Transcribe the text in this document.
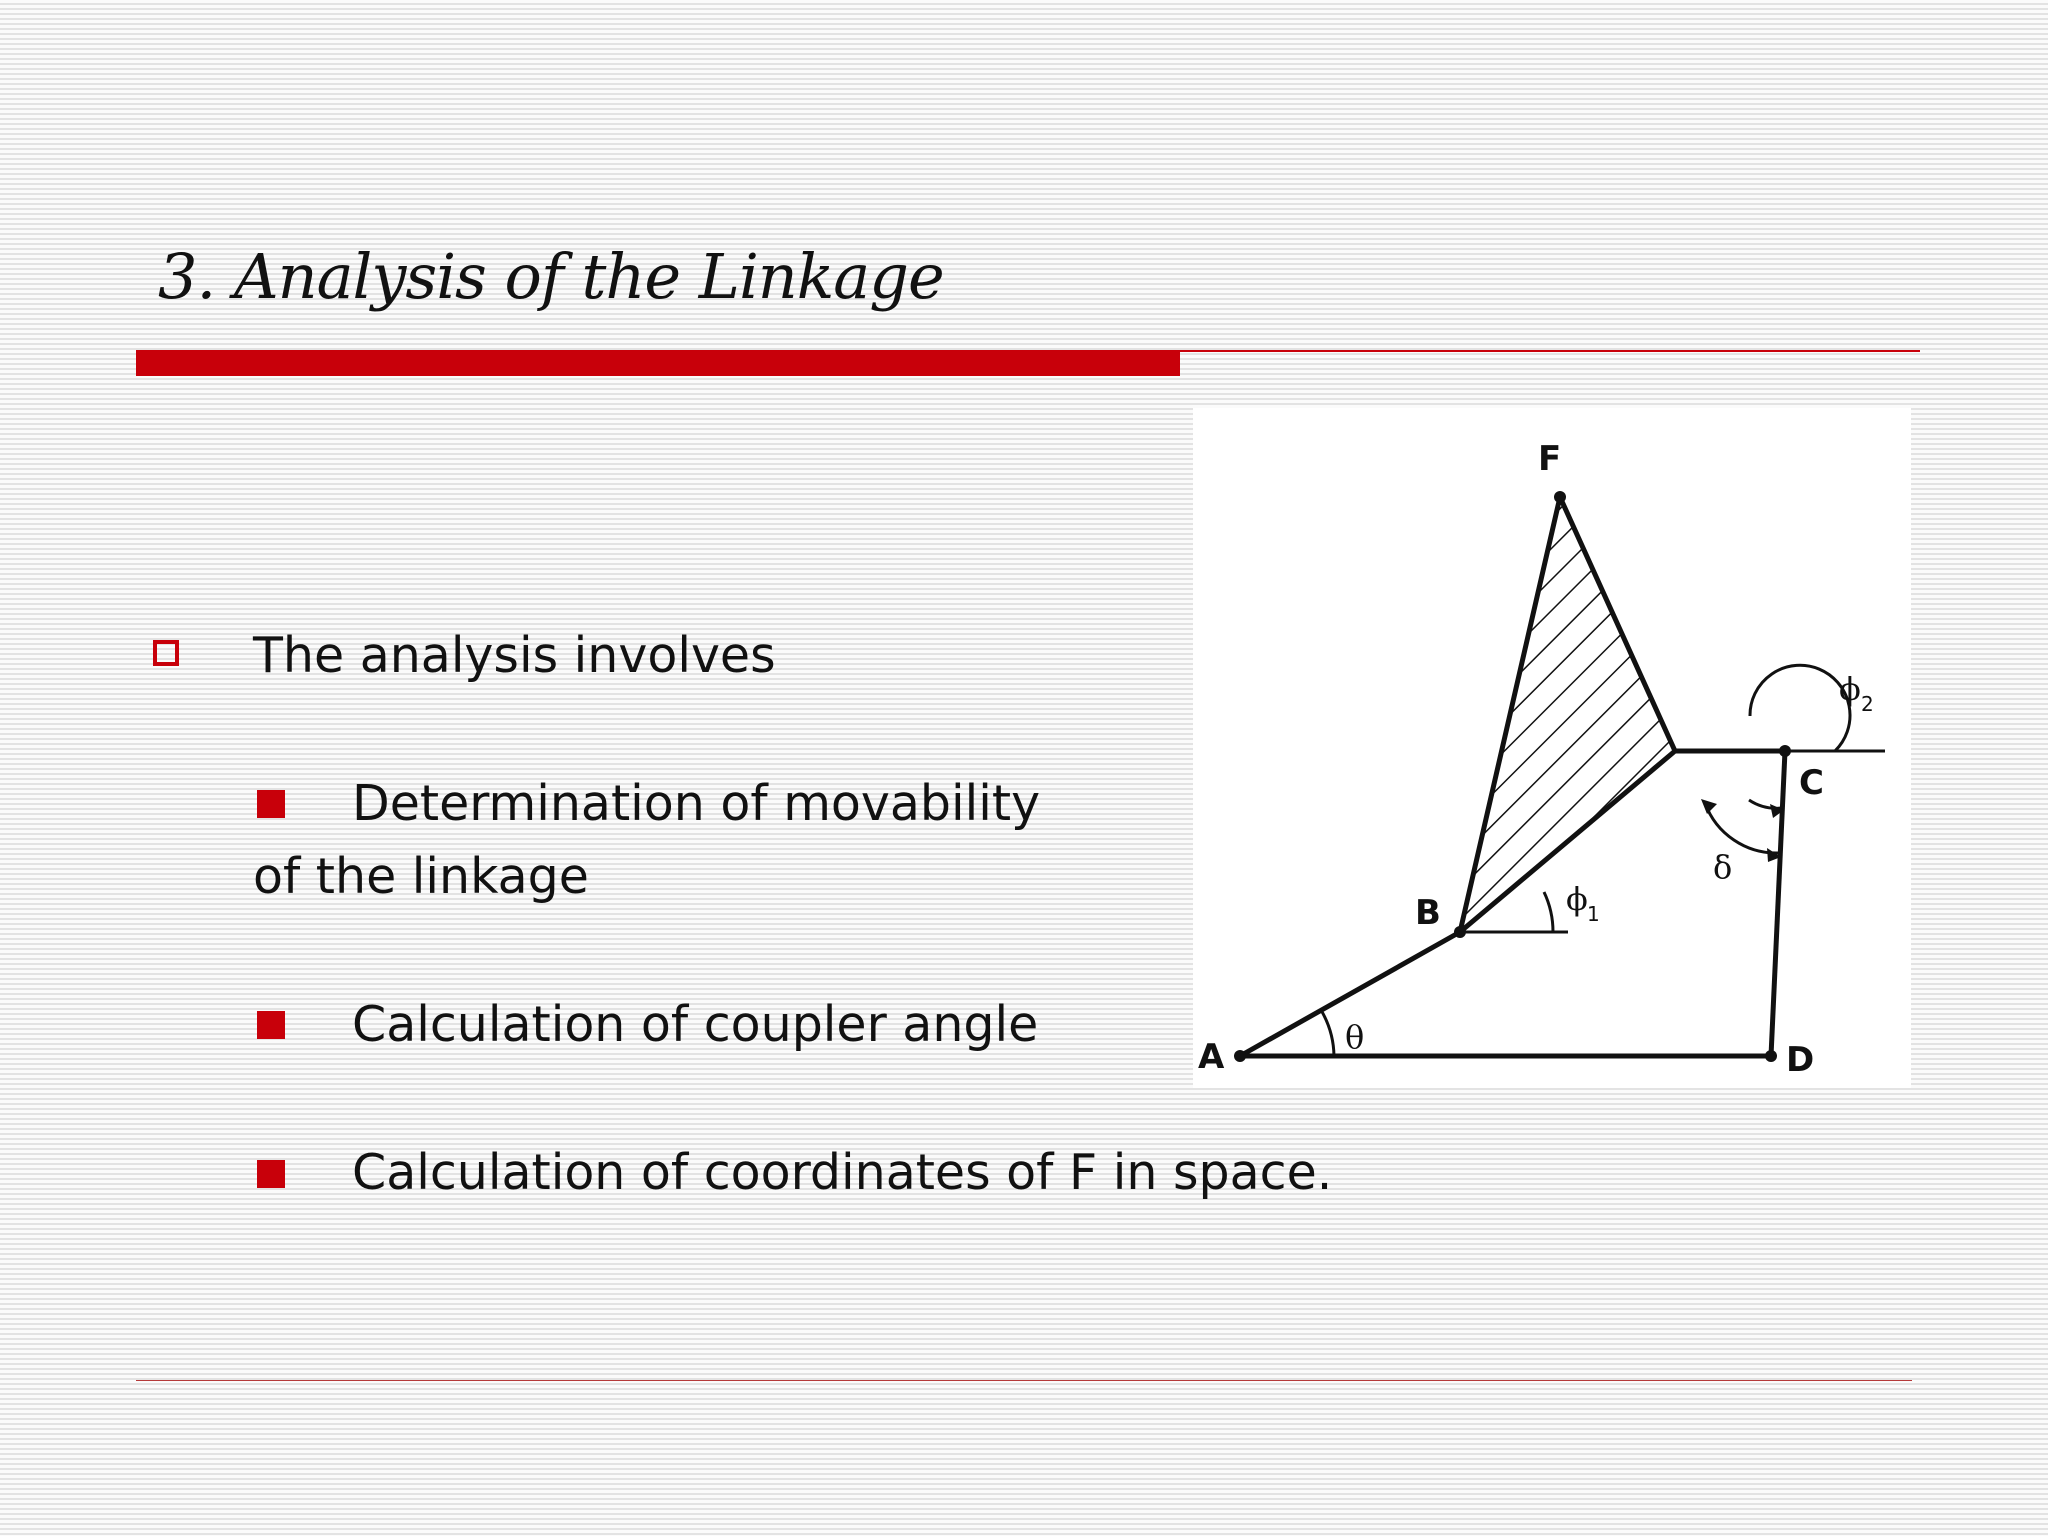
3. Analysis of the Linkage
The analysis involves
Determination of movability
of the linkage
Calculation of coupler angle
Calculation of coordinates of F in space.
A
B
C
D
F
θ
ϕ 1
ϕ 2
δ
